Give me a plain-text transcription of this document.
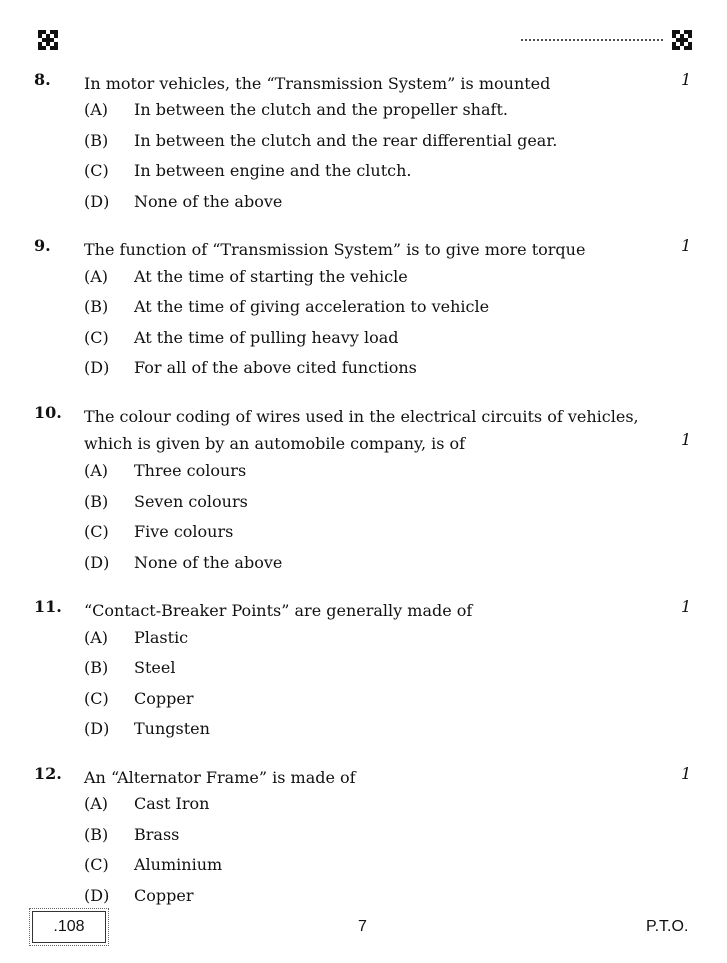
8. In motor vehicles, the “Transmission System” is mounted	1
(A) In between the clutch and the propeller shaft.
(B) In between the clutch and the rear differential gear.
(C) In between engine and the clutch.
(D) None of the above
9. The function of “Transmission System” is to give more torque	1
(A) At the time of starting the vehicle
(B) At the time of giving acceleration to vehicle
(C) At the time of pulling heavy load
(D) For all of the above cited functions
10. The colour coding of wires used in the electrical circuits of vehicles, which is given by an automobile company, is of	1
(A) Three colours
(B) Seven colours
(C) Five colours
(D) None of the above
11. “Contact-Breaker Points” are generally made of	1
(A) Plastic
(B) Steel
(C) Copper
(D) Tungsten
12. An “Alternator Frame” is made of	1
(A) Cast Iron
(B) Brass
(C) Aluminium
(D) Copper
.108	7	P.T.O.
